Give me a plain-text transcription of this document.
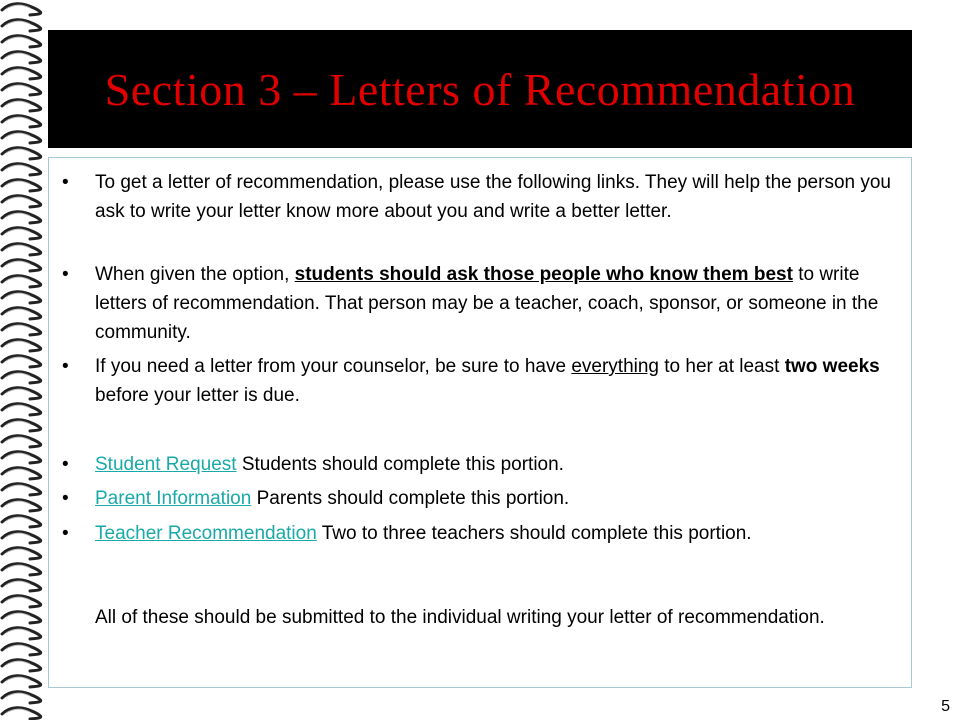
Section 3 – Letters of Recommendation
• To get a letter of recommendation, please use the following links. They will help the person you ask to write your letter know more about you and write a better letter.
• When given the option, students should ask those people who know them best to write letters of recommendation. That person may be a teacher, coach, sponsor, or someone in the community.
• If you need a letter from your counselor, be sure to have everything to her at least two weeks before your letter is due.
• Student Request Students should complete this portion.
• Parent Information Parents should complete this portion.
• Teacher Recommendation Two to three teachers should complete this portion.
All of these should be submitted to the individual writing your letter of recommendation.
5
